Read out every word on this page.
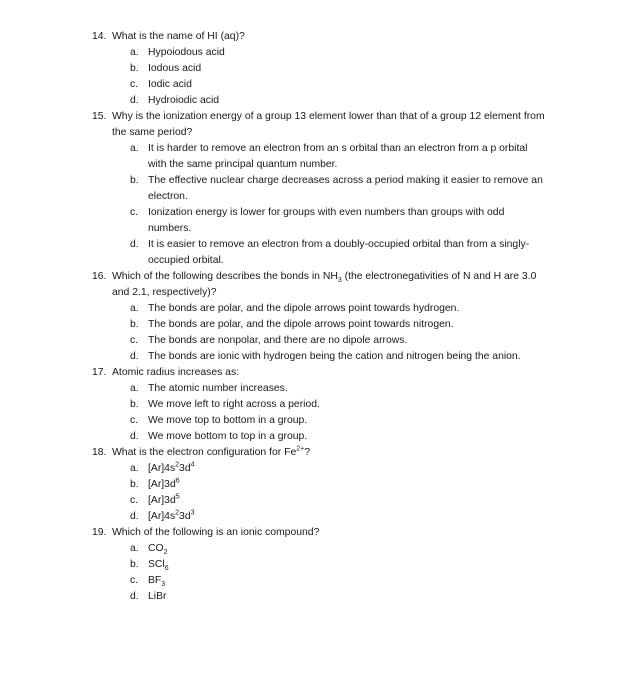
14. What is the name of HI (aq)?
a. Hypoiodous acid
b. Iodous acid
c. Iodic acid
d. Hydroiodic acid
15. Why is the ionization energy of a group 13 element lower than that of a group 12 element from the same period?
a. It is harder to remove an electron from an s orbital than an electron from a p orbital with the same principal quantum number.
b. The effective nuclear charge decreases across a period making it easier to remove an electron.
c. Ionization energy is lower for groups with even numbers than groups with odd numbers.
d. It is easier to remove an electron from a doubly-occupied orbital than from a singly-occupied orbital.
16. Which of the following describes the bonds in $NH_3$ (the electronegativities of N and H are 3.0 and 2.1, respectively)?
a. The bonds are polar, and the dipole arrows point towards hydrogen.
b. The bonds are polar, and the dipole arrows point towards nitrogen.
c. The bonds are nonpolar, and there are no dipole arrows.
d. The bonds are ionic with hydrogen being the cation and nitrogen being the anion.
17. Atomic radius increases as:
a. The atomic number increases.
b. We move left to right across a period.
c. We move top to bottom in a group.
d. We move bottom to top in a group.
18. What is the electron configuration for $Fe^{2+}$?
a. $[Ar]4s^23d^4$
b. $[Ar]3d^6$
c. $[Ar]3d^5$
d. $[Ar]4s^23d^3$
19. Which of the following is an ionic compound?
a. $CO_2$
b. SCl$_6$
c. $BF_3$
d. LiBr
